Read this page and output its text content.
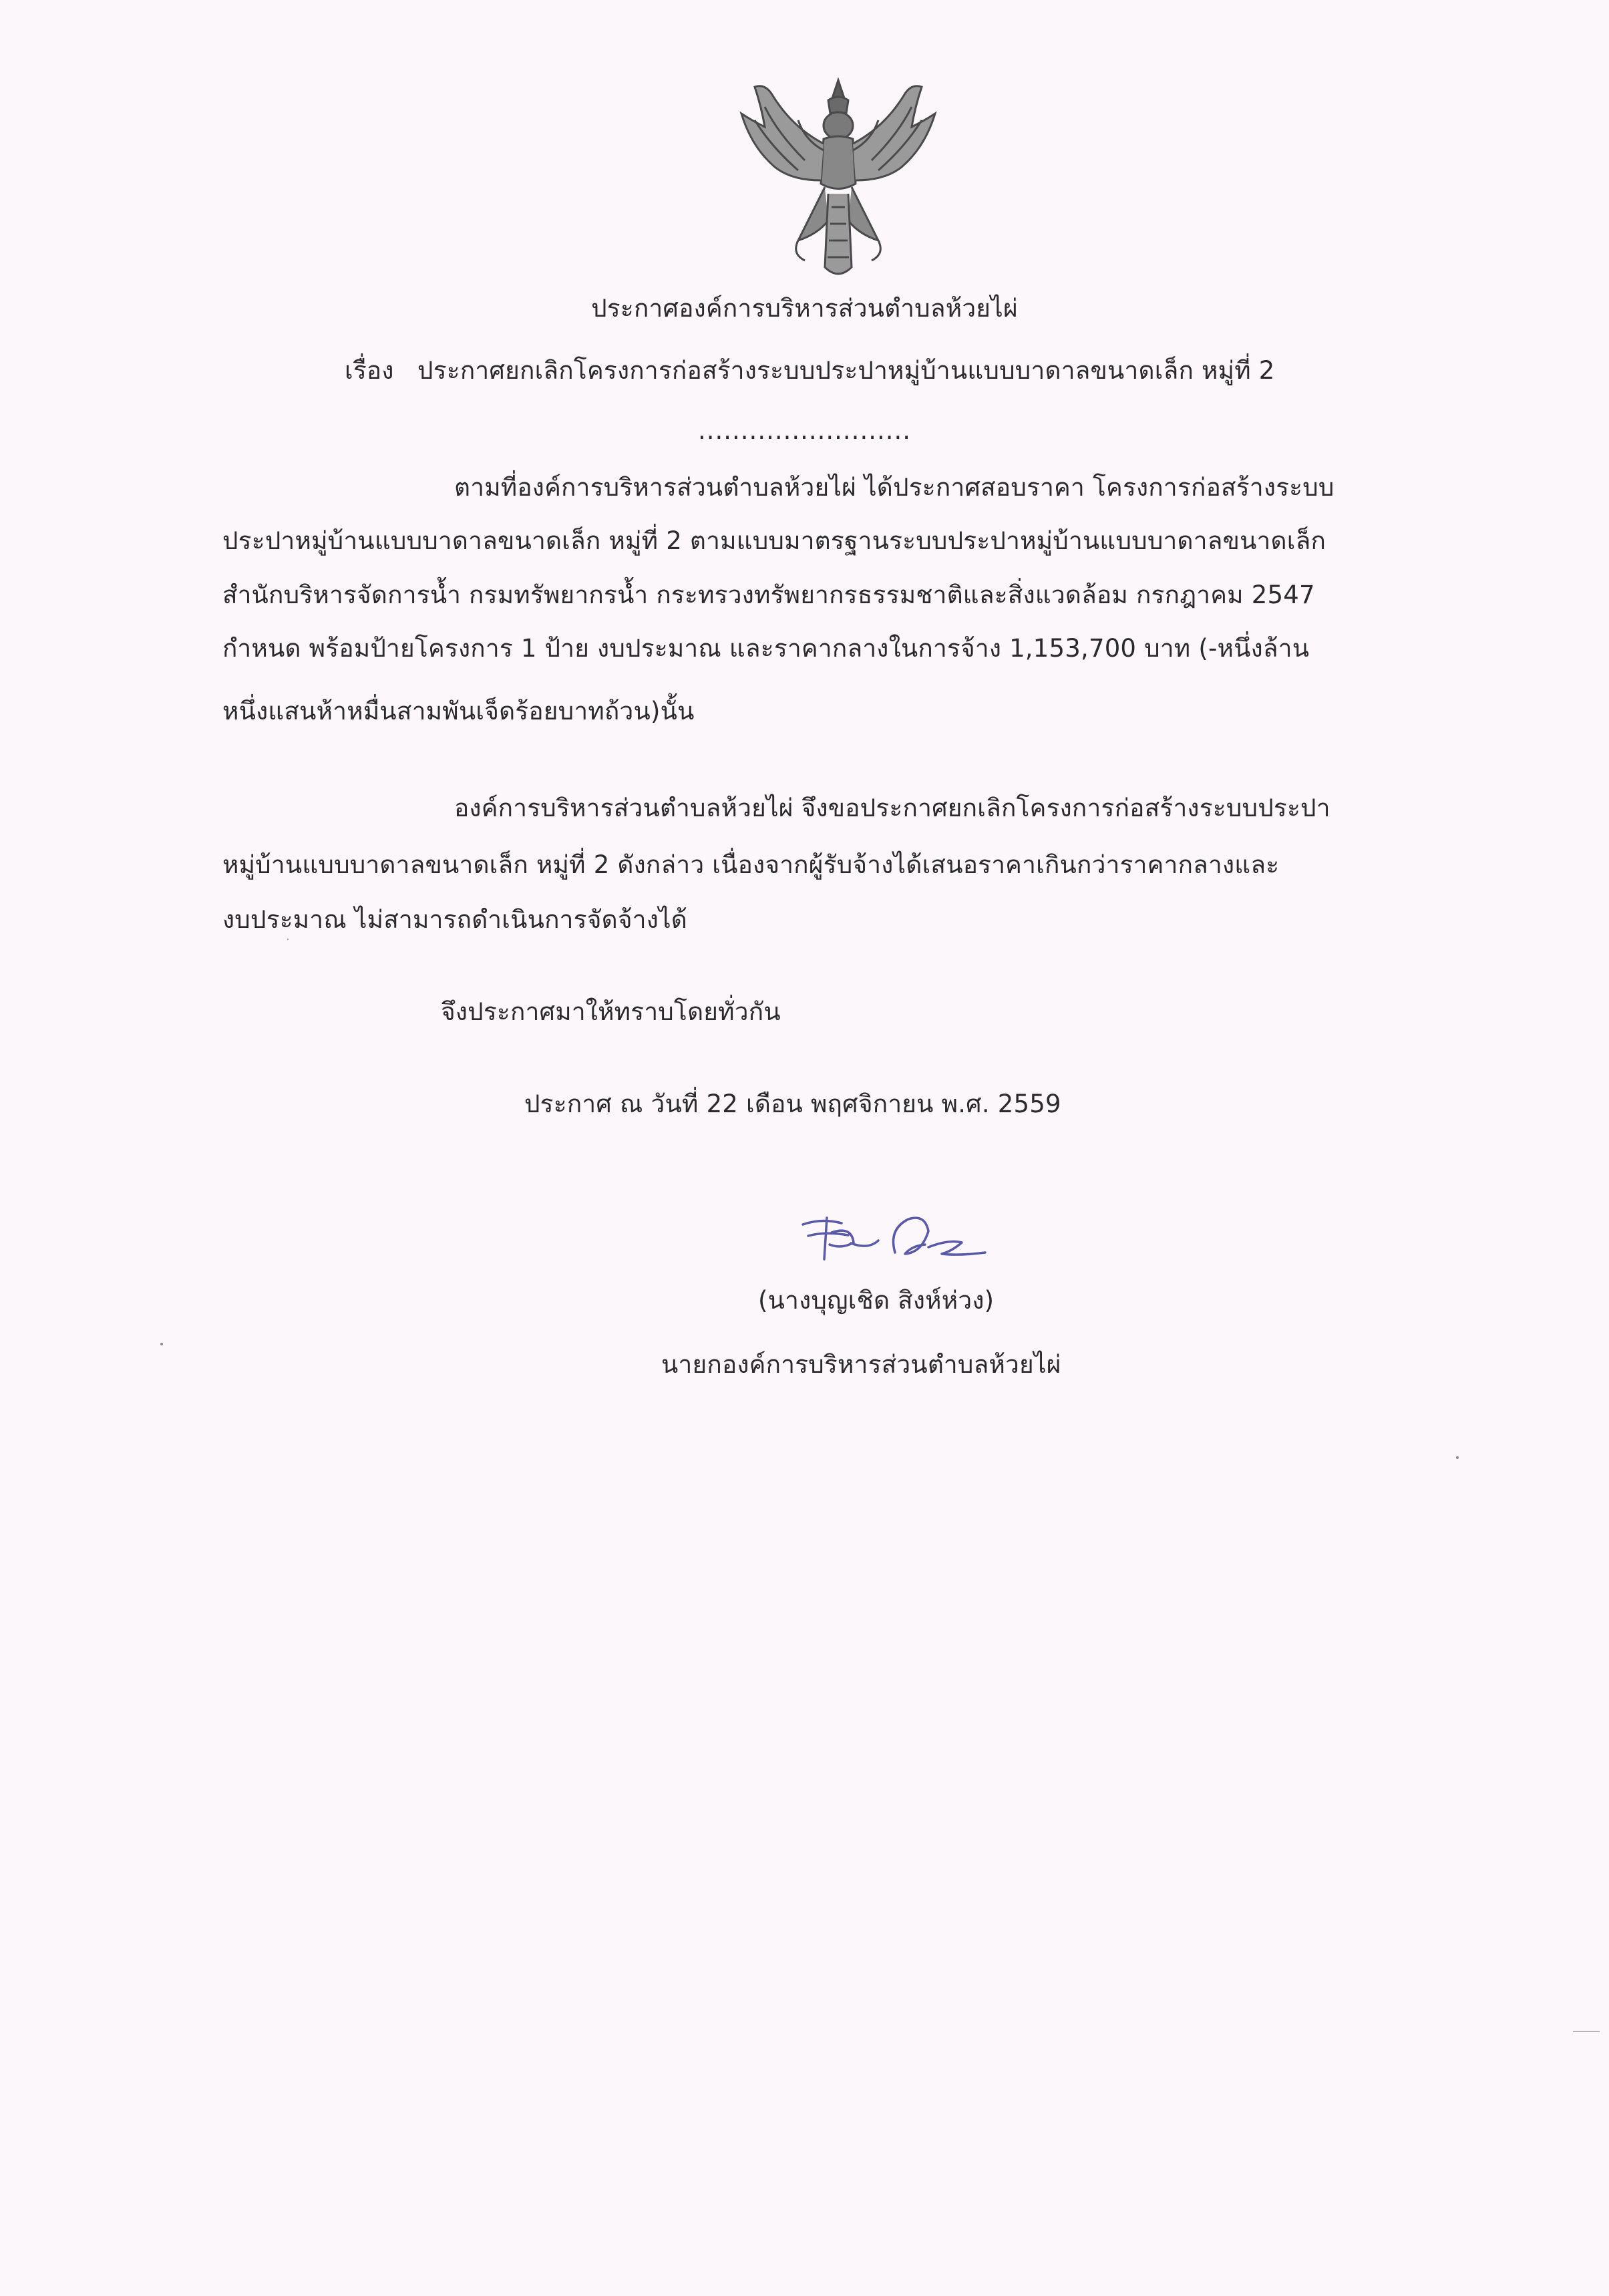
ประกาศองค์การบริหารส่วนตำบลห้วยไผ่
เรื่อง ประกาศยกเลิกโครงการก่อสร้างระบบประปาหมู่บ้านแบบบาดาลขนาดเล็ก หมู่ที่ 2
.........................
ตามที่องค์การบริหารส่วนตำบลห้วยไผ่ ได้ประกาศสอบราคา โครงการก่อสร้างระบบ
ประปาหมู่บ้านแบบบาดาลขนาดเล็ก หมู่ที่ 2 ตามแบบมาตรฐานระบบประปาหมู่บ้านแบบบาดาลขนาดเล็ก
สำนักบริหารจัดการน้ำ กรมทรัพยากรน้ำ กระทรวงทรัพยากรธรรมชาติและสิ่งแวดล้อม กรกฎาคม 2547
กำหนด พร้อมป้ายโครงการ 1 ป้าย งบประมาณ และราคากลางในการจ้าง 1,153,700 บาท (-หนึ่งล้าน
หนึ่งแสนห้าหมื่นสามพันเจ็ดร้อยบาทถ้วน)นั้น
องค์การบริหารส่วนตำบลห้วยไผ่ จึงขอประกาศยกเลิกโครงการก่อสร้างระบบประปา
หมู่บ้านแบบบาดาลขนาดเล็ก หมู่ที่ 2 ดังกล่าว เนื่องจากผู้รับจ้างได้เสนอราคาเกินกว่าราคากลางและ
งบประมาณ ไม่สามารถดำเนินการจัดจ้างได้
จึงประกาศมาให้ทราบโดยทั่วกัน
ประกาศ ณ วันที่ 22 เดือน พฤศจิกายน พ.ศ. 2559
(นางบุญเชิด สิงห์ห่วง)
นายกองค์การบริหารส่วนตำบลห้วยไผ่
